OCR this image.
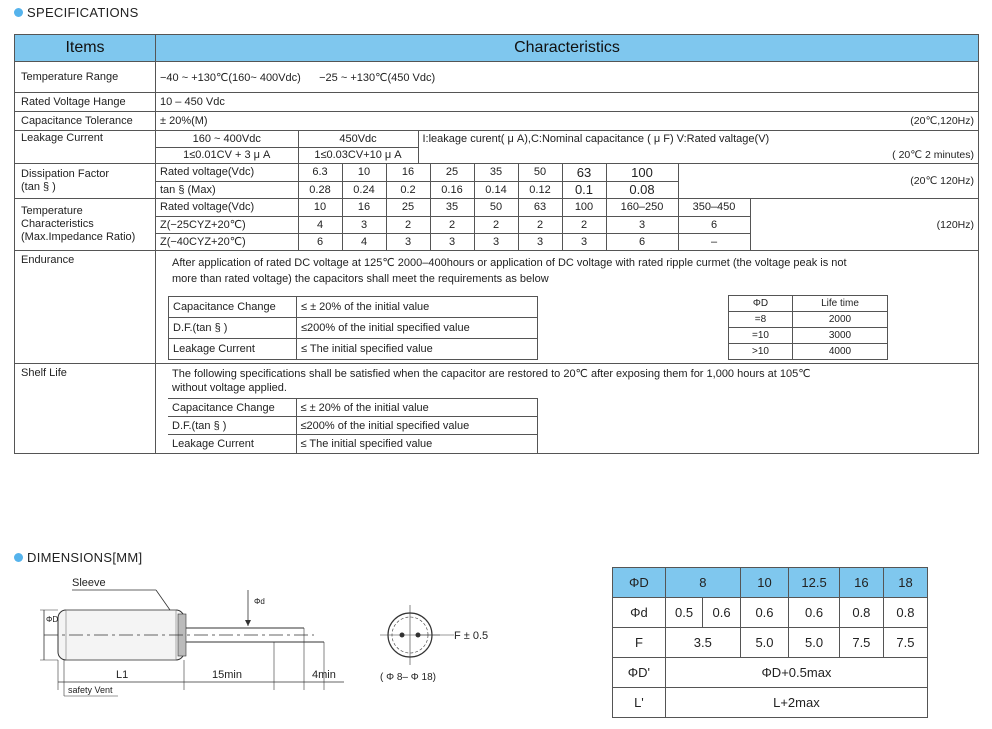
SPECIFICATIONS
Items	Characteristics
Temperature Range	−40 ~ +130℃(160~ 400Vdc)      −25 ~ +130℃(450 Vdc)
Rated Voltage Hange	10 – 450 Vdc
Capacitance Tolerance	± 20%(M)	(20℃,120Hz)

Leakage Current		160 ~ 400Vdc	450Vdc	I:leakage curent( μ A),C:Nominal capacitance ( μ F) V:Rated valtage(V)
1≤0.01CV + 3 μ A	1≤0.03CV+10 μ A	( 20℃ 2 minutes)

Dissipation Factor
(tan § )

Rated voltage(Vdc)	6.3	10	16	25	35	50	63	100	(20℃ 120Hz)
tan § (Max)	0.28	0.24	0.2	0.16	0.14	0.12	0.1	0.08

Temperature
Characteristics
(Max.Impedance Ratio)

Rated voltage(Vdc)	10	16	25	35	50	63	100	160–250	350–450	(120Hz)
Z(−25CYZ+20℃)	4	3	2	2	2	2	2	3	6
Z(−40CYZ+20℃)	6	4	3	3	3	3	3	6	–

Endurance	After application of rated DC voltage at 125℃ 2000–400hours or application of DC voltage with rated ripple curmet (the voltage peak is not
more than rated voltage) the capacitors shall meet the requirements as below
Capacitance Change	≤ ± 20% of the initial value
D.F.(tan § )	≤200% of the initial specified value
Leakage Current	≤ The initial specified value
ΦD	Life time
=8	2000
=10	3000
>10	4000

Shelf Life	The following specifications shall be satisfied when the capacitor are restored to 20℃ after exposing them for 1,000 hours at 105℃
without voltage applied.
Capacitance Change	≤ ± 20% of the initial value
D.F.(tan § )	≤200% of the initial specified value
Leakage Current	≤ The initial specified value
DIMENSIONS[MM]
ΦD
Sleeve
Φd
L1	15min	4min
safety Vent
F ± 0.5
( Φ 8– Φ 18)
ΦD	8		10	12.5	16	18
Φd	0.5	0.6	0.6	0.6	0.8	0.8
F	3.5		5.0	5.0	7.5	7.5
ΦD'	ΦD+0.5max					
L'	L+2max					
